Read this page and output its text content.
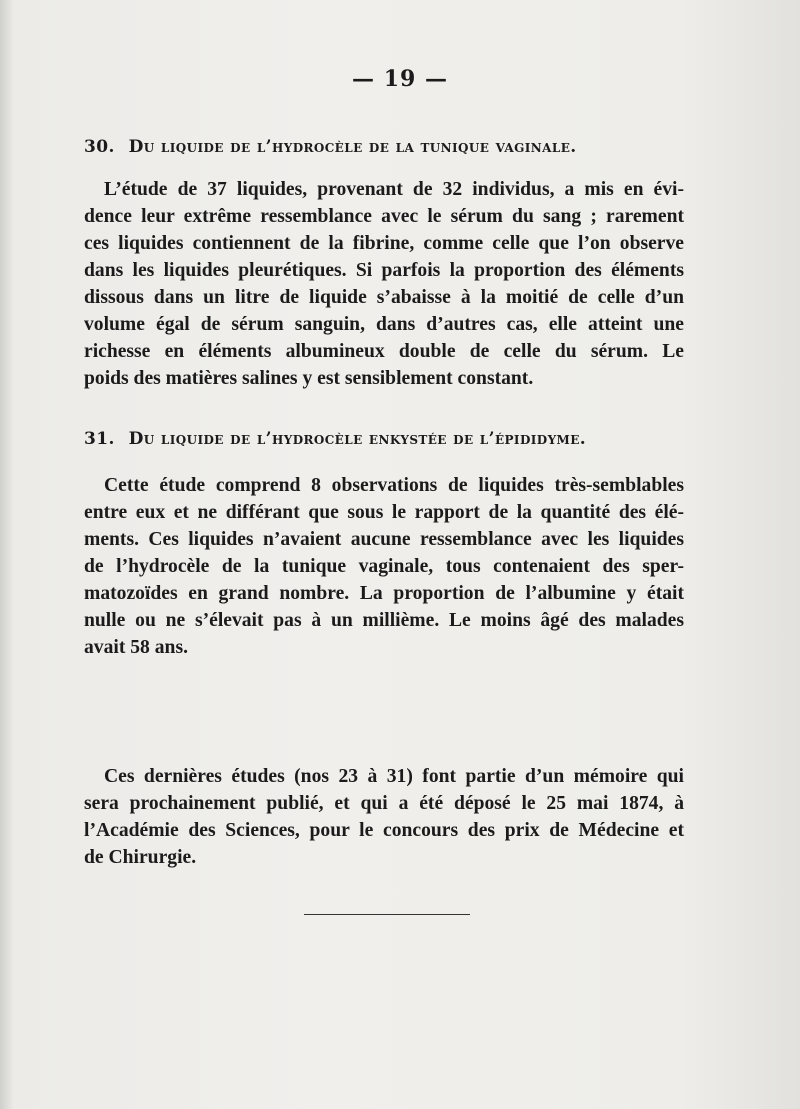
— 19 —
30. Du liquide de l’hydrocèle de la tunique vaginale.
L’étude de 37 liquides, provenant de 32 individus, a mis en évi-
dence leur extrême ressemblance avec le sérum du sang ; rarement
ces liquides contiennent de la fibrine, comme celle que l’on observe
dans les liquides pleurétiques. Si parfois la proportion des éléments
dissous dans un litre de liquide s’abaisse à la moitié de celle d’un
volume égal de sérum sanguin, dans d’autres cas, elle atteint une
richesse en éléments albumineux double de celle du sérum. Le
poids des matières salines y est sensiblement constant.
31. Du liquide de l’hydrocèle enkystée de l’épididyme.
Cette étude comprend 8 observations de liquides très-semblables
entre eux et ne différant que sous le rapport de la quantité des élé-
ments. Ces liquides n’avaient aucune ressemblance avec les liquides
de l’hydrocèle de la tunique vaginale, tous contenaient des sper-
matozoïdes en grand nombre. La proportion de l’albumine y était
nulle ou ne s’élevait pas à un millième. Le moins âgé des malades
avait 58 ans.
Ces dernières études (nos 23 à 31) font partie d’un mémoire qui
sera prochainement publié, et qui a été déposé le 25 mai 1874, à
l’Académie des Sciences, pour le concours des prix de Médecine et
de Chirurgie.
